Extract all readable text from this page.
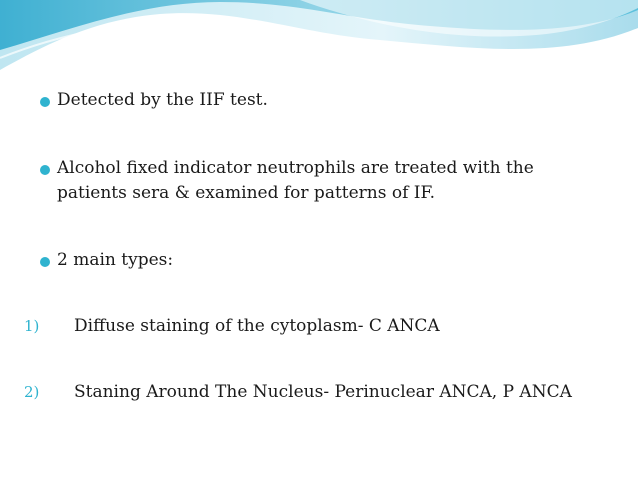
Detected by the IIF test.
Alcohol fixed indicator neutrophils are treated with the patients sera & examined for patterns of IF.
2 main types:
1) Diffuse staining of the cytoplasm- C ANCA
2) Staning Around The Nucleus- Perinuclear ANCA, P ANCA
